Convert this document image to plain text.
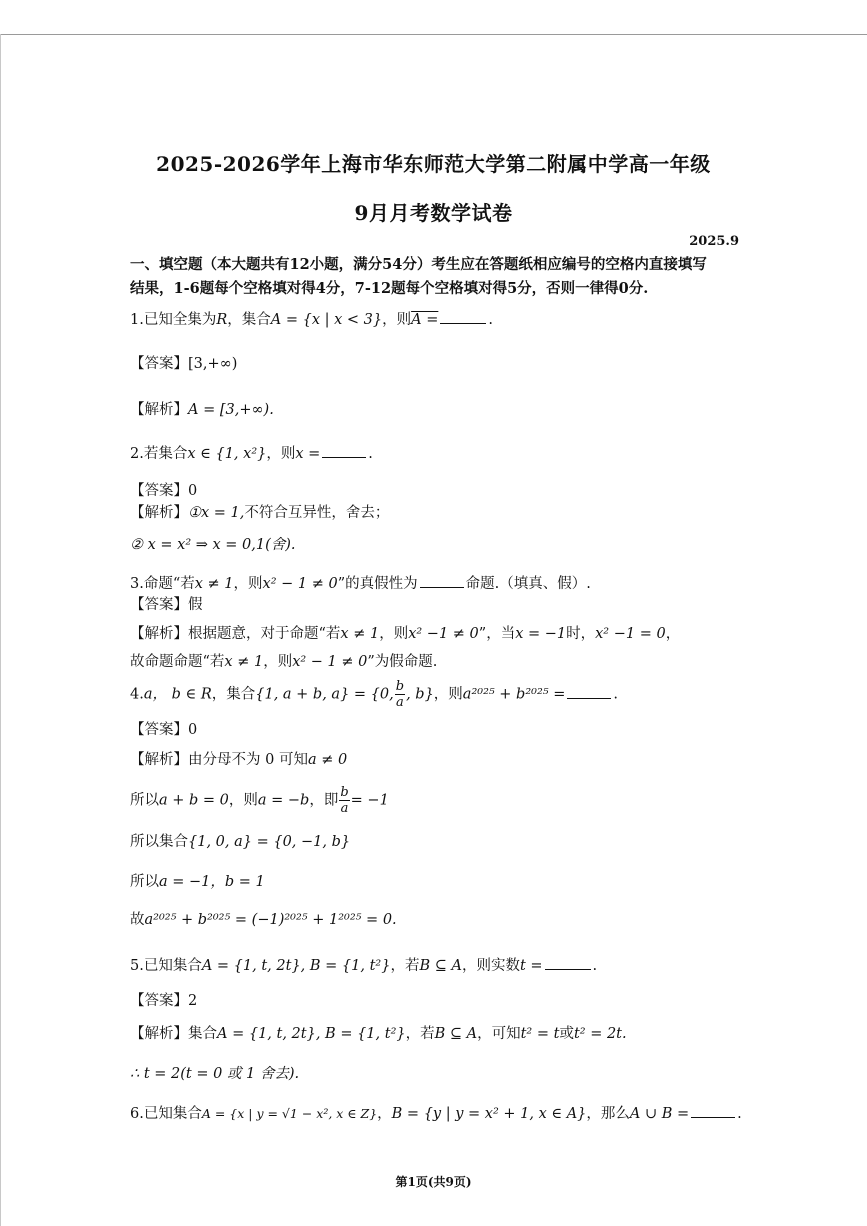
2025-2026学年上海市华东师范大学第二附属中学高一年级
9月月考数学试卷
2025.9
一、填空题（本大题共有12小题，满分54分）考生应在答题纸相应编号的空格内直接填写
结果，1-6题每个空格填对得4分，7-12题每个空格填对得5分，否则一律得0分.
1.已知全集为R，集合A = {x | x < 3}，则A =	.
【答案】[3,+∞)
【解析】A = [3,+∞).
2.若集合x ∈ {1, x²}，则x =	.
【答案】0
【解析】①x = 1,不符合互异性，舍去；
② x = x² ⇒ x = 0,1(舍).
3.命题“若x ≠ 1，则x² − 1 ≠ 0”的真假性为	命题.（填真、假）.
【答案】假
【解析】根据题意，对于命题“若x ≠ 1，则x² −1 ≠ 0”，当x = −1时，x² −1 = 0，
故命题命题“若x ≠ 1，则x² − 1 ≠ 0”为假命题.
4.a， b ∈ R，集合{1, a + b, a} = {0, $\frac{b}{a}$ , b}，则a²⁰²⁵ + b²⁰²⁵ =	.
【答案】0
【解析】由分母不为 0 可知a ≠ 0
所以a + b = 0，则a = −b，即 $\frac{b}{a} = -1$
所以集合{1, 0, a} = {0, −1, b}
所以a = −1，b = 1
故a²⁰²⁵ + b²⁰²⁵ = (−1)²⁰²⁵ + 1²⁰²⁵ = 0.
5.已知集合A = {1, t, 2t}, B = {1, t²}，若B ⊆ A，则实数t =	.
【答案】2
【解析】集合A = {1, t, 2t}, B = {1, t²}，若B ⊆ A，可知t² = t或t² = 2t.
∴ t = 2(t = 0 或 1 舍去).
6.已知集合A = {x | y = √1 − x², x ∈ Z}，B = {y | y = x² + 1, x ∈ A}，那么A ∪ B =	.
第1页(共9页)
